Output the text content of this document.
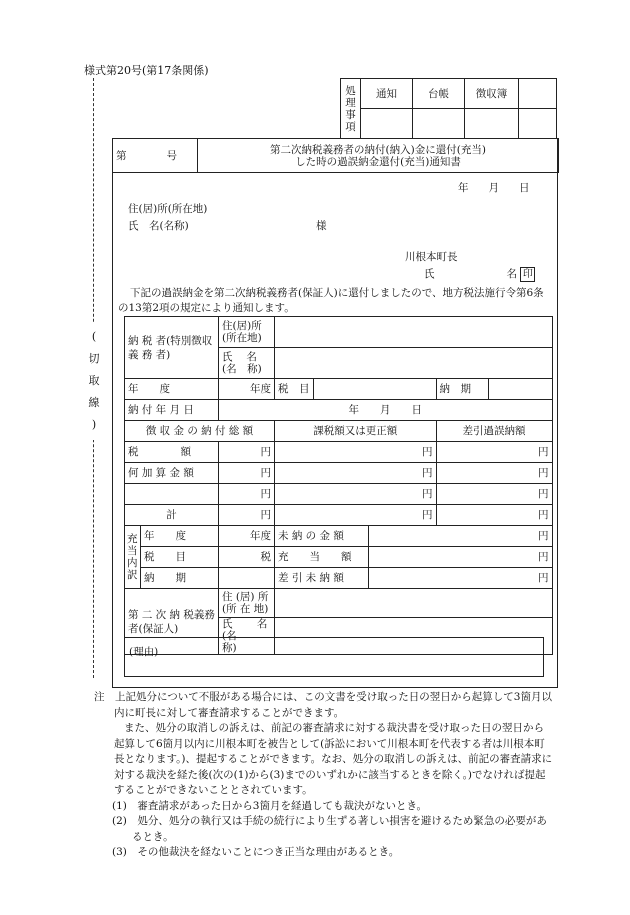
様式第20号(第17条関係)
(
切
取
線
)
処理事項	通知	台帳	徴収簿	

第	号	第二次納税義務者の納付(納入)金に還付(充当)
した時の過誤納金還付(充当)通知書
年 月 日
住(居)所(所在地)
氏　名(名称)	様
川根本町長
氏	名 印
下記の過誤納金を第二次納税義務者(保証人)に還付しましたので、地方税法施行令第6条の13第2項の規定により通知します。
納 税 者(特別徴収義 務 者)		住(居)所(所在地)					
		氏　 名(名　称)					
年　　度		年度	税　目			納　期	
納 付 年 月 日		年　　月　　日					
徴 収 金 の 納 付 総 額			課税額又は更正額			差引過誤納額	
税　　　　額		円	円			円	
何 加 算 金 額		円	円			円	
		円	円			円	
計		円	円			円	
充当内訳	年　　度	年度	未 納 の 金 額		円		
	税　　目	税	充　　当　　額		円		
	納　　期		差 引 未 納 額		円		
第 二 次 納 税義務者(保証人)		住 (居) 所(所 在 地)					
		氏　　 名(名　　称)					
(理由)

注　上記処分について不服がある場合には、この文書を受け取った日の翌日から起算して3箇月以内に町長に対して審査請求することができます。

また、処分の取消しの訴えは、前記の審査請求に対する裁決書を受け取った日の翌日から起算して6箇月以内に川根本町を被告として(訴訟において川根本町を代表する者は川根本町長となります。)、提起することができます。なお、処分の取消しの訴えは、前記の審査請求に対する裁決を経た後(次の(1)から(3)までのいずれかに該当するときを除く。)でなければ提起することができないこととされています。

(1)　審査請求があった日から3箇月を経過しても裁決がないとき。

(2)　処分、処分の執行又は手続の続行により生ずる著しい損害を避けるため緊急の必要があるとき。

(3)　その他裁決を経ないことにつき正当な理由があるとき。
